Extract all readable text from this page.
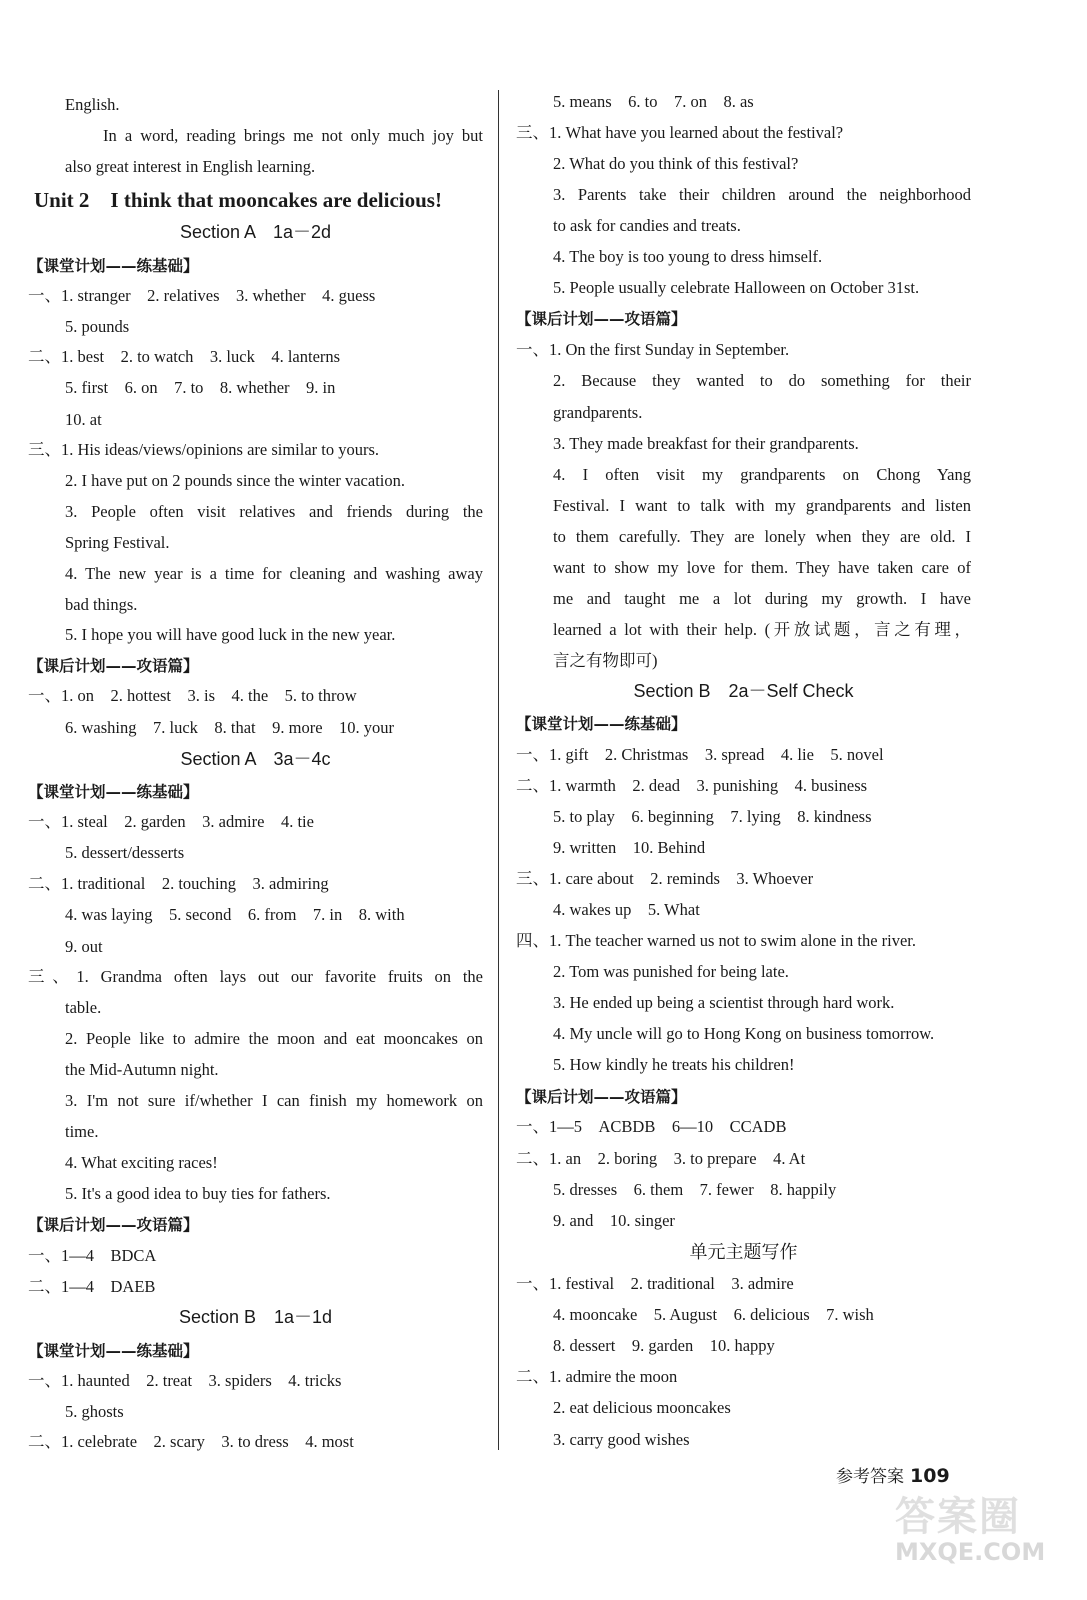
English.
In a word, reading brings me not only much joy but
also great interest in English learning.
Unit 2　I think that mooncakes are delicious!
Section A　1a－2d
【课堂计划——练基础】
一、1. stranger　2. relatives　3. whether　4. guess
5. pounds
二、1. best　2. to watch　3. luck　4. lanterns
5. first　6. on　7. to　8. whether　9. in
10. at
三、1. His ideas/views/opinions are similar to yours.
2. I have put on 2 pounds since the winter vacation.
3. People often visit relatives and friends during the
Spring Festival.
4. The new year is a time for cleaning and washing away
bad things.
5. I hope you will have good luck in the new year.
【课后计划——攻语篇】
一、1. on　2. hottest　3. is　4. the　5. to throw
6. washing　7. luck　8. that　9. more　10. your
Section A　3a－4c
【课堂计划——练基础】
一、1. steal　2. garden　3. admire　4. tie
5. dessert/desserts
二、1. traditional　2. touching　3. admiring
4. was laying　5. second　6. from　7. in　8. with
9. out
三、1. Grandma often lays out our favorite fruits on the
table.
2. People like to admire the moon and eat mooncakes on
the Mid-Autumn night.
3. I'm not sure if/whether I can finish my homework on
time.
4. What exciting races!
5. It's a good idea to buy ties for fathers.
【课后计划——攻语篇】
一、1—4　BDCA
二、1—4　DAEB
Section B　1a－1d
【课堂计划——练基础】
一、1. haunted　2. treat　3. spiders　4. tricks
5. ghosts
二、1. celebrate　2. scary　3. to dress　4. most
5. means　6. to　7. on　8. as
三、1. What have you learned about the festival?
2. What do you think of this festival?
3. Parents take their children around the neighborhood
to ask for candies and treats.
4. The boy is too young to dress himself.
5. People usually celebrate Halloween on October 31st.
【课后计划——攻语篇】
一、1. On the first Sunday in September.
2. Because they wanted to do something for their
grandparents.
3. They made breakfast for their grandparents.
4. I often visit my grandparents on Chong Yang
Festival. I want to talk with my grandparents and listen
to them carefully. They are lonely when they are old. I
want to show my love for them. They have taken care of
me and taught me a lot during my growth. I have
learned a lot with their help. (开放试题，言之有理，
言之有物即可)
Section B　2a－Self Check
【课堂计划——练基础】
一、1. gift　2. Christmas　3. spread　4. lie　5. novel
二、1. warmth　2. dead　3. punishing　4. business
5. to play　6. beginning　7. lying　8. kindness
9. written　10. Behind
三、1. care about　2. reminds　3. Whoever
4. wakes up　5. What
四、1. The teacher warned us not to swim alone in the river.
2. Tom was punished for being late.
3. He ended up being a scientist through hard work.
4. My uncle will go to Hong Kong on business tomorrow.
5. How kindly he treats his children!
【课后计划——攻语篇】
一、1—5　ACBDB　6—10　CCADB
二、1. an　2. boring　3. to prepare　4. At
5. dresses　6. them　7. fewer　8. happily
9. and　10. singer
单元主题写作
一、1. festival　2. traditional　3. admire
4. mooncake　5. August　6. delicious　7. wish
8. dessert　9. garden　10. happy
二、1. admire the moon
2. eat delicious mooncakes
3. carry good wishes
参考答案 109
答案圈
MXQE.COM
